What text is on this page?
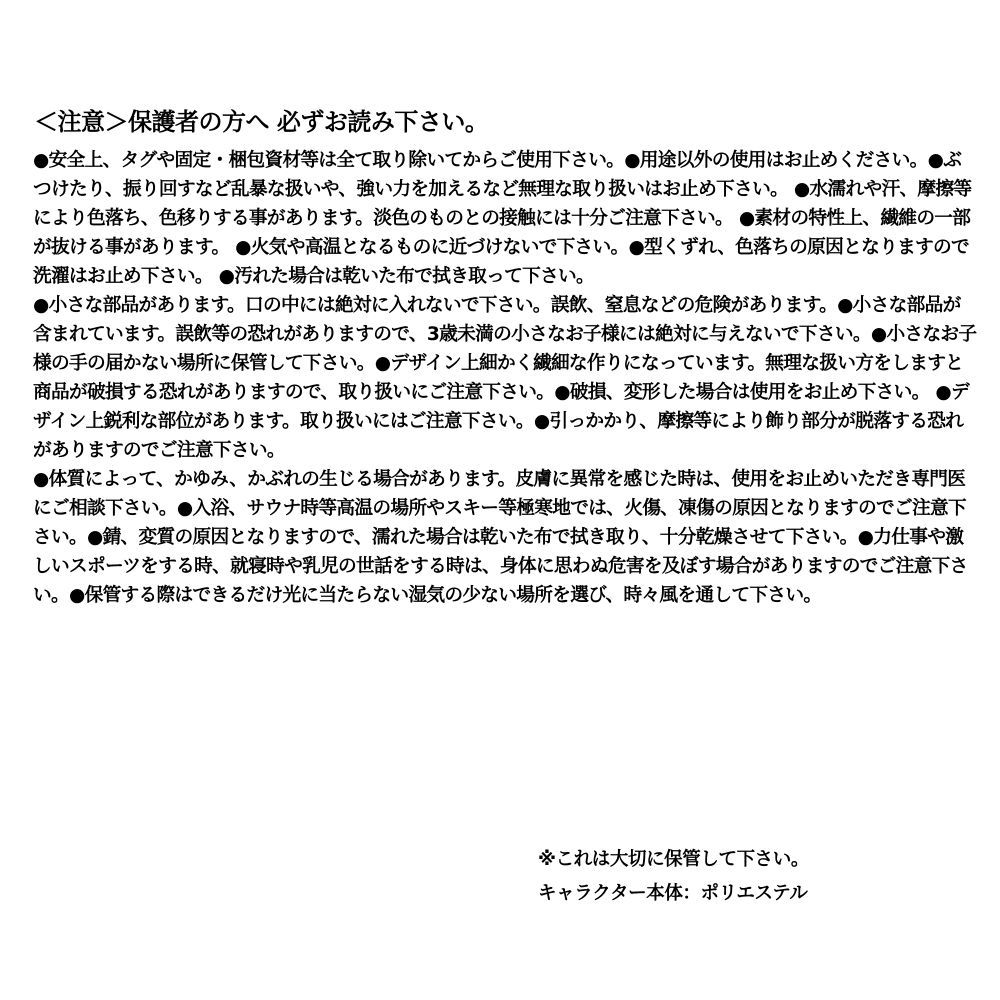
＜注意＞保護者の方へ 必ずお読み下さい。
●安全上、タグや固定・梱包資材等は全て取り除いてからご使用下さい。●用途以外の使用はお止めください。●ぶつけたり、振り回すなど乱暴な扱いや、強い力を加えるなど無理な取り扱いはお止め下さい。 ●水濡れや汗、摩擦等により色落ち、色移りする事があります。淡色のものとの接触には十分ご注意下さい。 ●素材の特性上、繊維の一部が抜ける事があります。 ●火気や高温となるものに近づけないで下さい。●型くずれ、色落ちの原因となりますので洗濯はお止め下さい。 ●汚れた場合は乾いた布で拭き取って下さい。
●小さな部品があります。口の中には絶対に入れないで下さい。誤飲、窒息などの危険があります。●小さな部品が含まれています。誤飲等の恐れがありますので、3歳未満の小さなお子様には絶対に与えないで下さい。●小さなお子様の手の届かない場所に保管して下さい。●デザイン上細かく繊細な作りになっています。無理な扱い方をしますと商品が破損する恐れがありますので、取り扱いにご注意下さい。●破損、変形した場合は使用をお止め下さい。 ●デザイン上鋭利な部位があります。取り扱いにはご注意下さい。●引っかかり、摩擦等により飾り部分が脱落する恐れがありますのでご注意下さい。
●体質によって、かゆみ、かぶれの生じる場合があります。皮膚に異常を感じた時は、使用をお止めいただき専門医にご相談下さい。●入浴、サウナ時等高温の場所やスキー等極寒地では、火傷、凍傷の原因となりますのでご注意下さい。●錆、変質の原因となりますので、濡れた場合は乾いた布で拭き取り、十分乾燥させて下さい。●力仕事や激しいスポーツをする時、就寝時や乳児の世話をする時は、身体に思わぬ危害を及ぼす場合がありますのでご注意下さい。●保管する際はできるだけ光に当たらない湿気の少ない場所を選び、時々風を通して下さい。
※これは大切に保管して下さい。
キャラクター本体：ポリエステル
